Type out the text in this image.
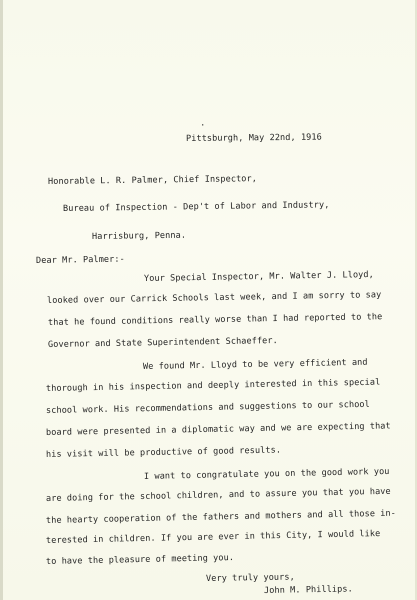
·
Pittsburgh, May 22nd, 1916
Honorable L. R. Palmer, Chief Inspector,
Bureau of Inspection - Dep't of Labor and Industry,
Harrisburg, Penna.
Dear Mr. Palmer:-
Your Special Inspector, Mr. Walter J. Lloyd,
looked over our Carrick Schools last week, and I am sorry to say
that he found conditions really worse than I had reported to the
Governor and State Superintendent Schaeffer.
We found Mr. Lloyd to be very efficient and
thorough in his inspection and deeply interested in this special
school work. His recommendations and suggestions to our school
board were presented in a diplomatic way and we are expecting that
his visit will be productive of good results.
I want to congratulate you on the good work you
are doing for the school children, and to assure you that you have
the hearty cooperation of the fathers and mothers and all those in-
terested in children. If you are ever in this City, I would like
to have the pleasure of meeting you.
Very truly yours,
John M. Phillips.
